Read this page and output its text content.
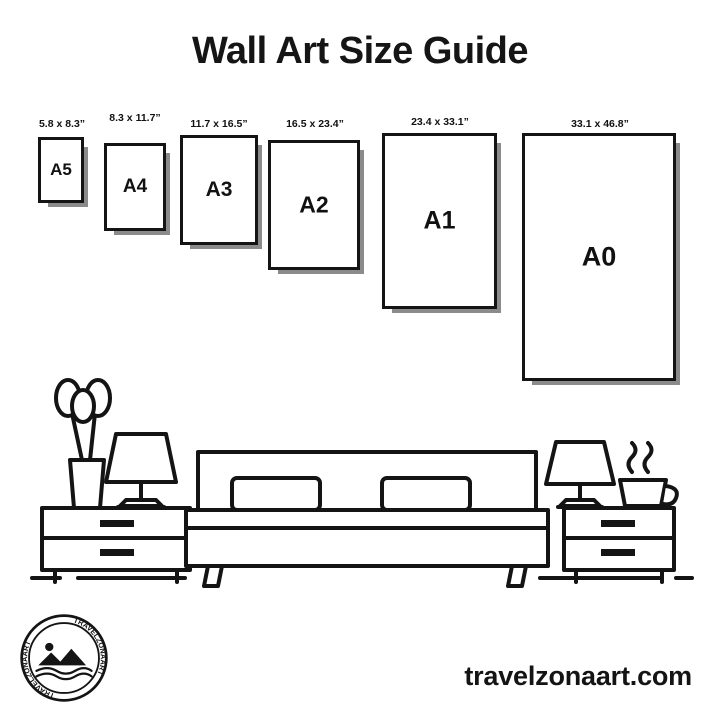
Wall Art Size Guide
5.8 x 8.3”
A5
8.3 x 11.7”
A4
11.7 x 16.5”
A3
16.5 x 23.4”
A2
23.4 x 33.1”
A1
33.1 x 46.8”
A0
TRAVELZONAART
TRAVELZONAART
travelzonaart.com
